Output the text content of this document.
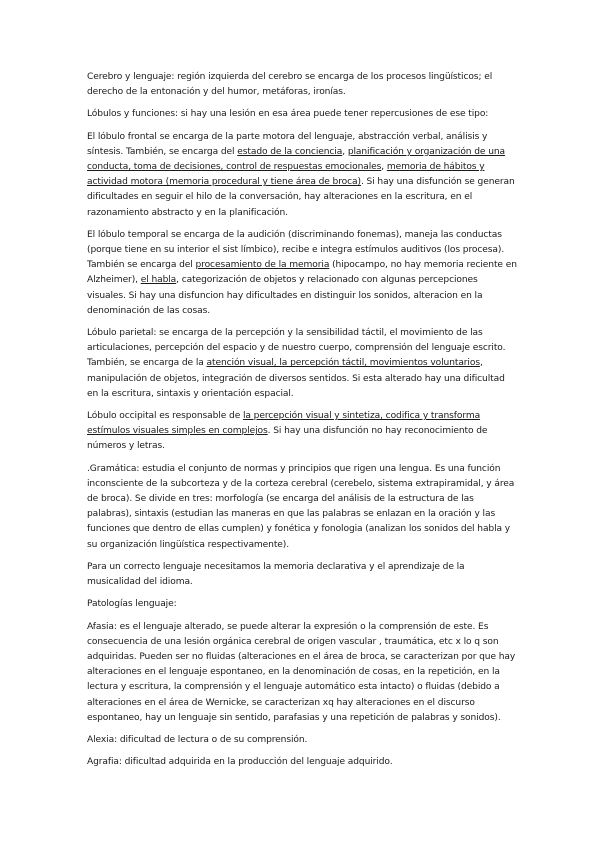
Cerebro y lenguaje: región izquierda del cerebro se encarga de los procesos lingüísticos; el derecho de la entonación y del humor, metáforas, ironías.

Lóbulos y funciones: si hay una lesión en esa área puede tener repercusiones de ese tipo:

El lóbulo frontal se encarga de la parte motora del lenguaje, abstracción verbal, análisis y síntesis. También, se encarga del estado de la conciencia, planificación y organización de una conducta, toma de decisiones, control de respuestas emocionales, memoria de hábitos y actividad motora (memoria procedural y tiene área de broca). Si hay una disfunción se generan dificultades en seguir el hilo de la conversación, hay alteraciones en la escritura, en el razonamiento abstracto y en la planificación.

El lóbulo temporal se encarga de la audición (discriminando fonemas), maneja las conductas (porque tiene en su interior el sist límbico), recibe e integra estímulos auditivos (los procesa). También se encarga del procesamiento de la memoria (hipocampo, no hay memoria reciente en Alzheimer), el habla, categorización de objetos y relacionado con algunas percepciones visuales. Si hay una disfuncion hay dificultades en distinguir los sonidos, alteracion en la denominación de las cosas.

Lóbulo parietal: se encarga de la percepción y la sensibilidad táctil, el movimiento de las articulaciones, percepción del espacio y de nuestro cuerpo, comprensión del lenguaje escrito. También, se encarga de la atención visual, la percepción táctil, movimientos voluntarios, manipulación de objetos, integración de diversos sentidos. Si esta alterado hay una dificultad en la escritura, sintaxis y orientación espacial.

Lóbulo occipital es responsable de la percepción visual y sintetiza, codifica y transforma estímulos visuales simples en complejos. Si hay una disfunción no hay reconocimiento de números y letras.

.Gramática: estudia el conjunto de normas y principios que rigen una lengua. Es una función inconsciente de la subcorteza y de la corteza cerebral (cerebelo, sistema extrapiramidal, y área de broca). Se divide en tres: morfología (se encarga del análisis de la estructura de las palabras), sintaxis (estudian las maneras en que las palabras se enlazan en la oración y las funciones que dentro de ellas cumplen) y fonética y fonologia (analizan los sonidos del habla y su organización lingüística respectivamente).

Para un correcto lenguaje necesitamos la memoria declarativa y el aprendizaje de la musicalidad del idioma.

Patologías lenguaje:

Afasia: es el lenguaje alterado, se puede alterar la expresión o la comprensión de este. Es consecuencia de una lesión orgánica cerebral de origen vascular , traumática, etc x lo q son adquiridas. Pueden ser no fluidas (alteraciones en el área de broca, se caracterizan por que hay alteraciones en el lenguaje espontaneo, en la denominación de cosas, en la repetición, en la lectura y escritura, la comprensión y el lenguaje automático esta intacto) o fluidas (debido a alteraciones en el área de Wernicke, se caracterizan xq hay alteraciones en el discurso espontaneo, hay un lenguaje sin sentido, parafasias y una repetición de palabras y sonidos).

Alexia: dificultad de lectura o de su comprensión.

Agrafia: dificultad adquirida en la producción del lenguaje adquirido.
